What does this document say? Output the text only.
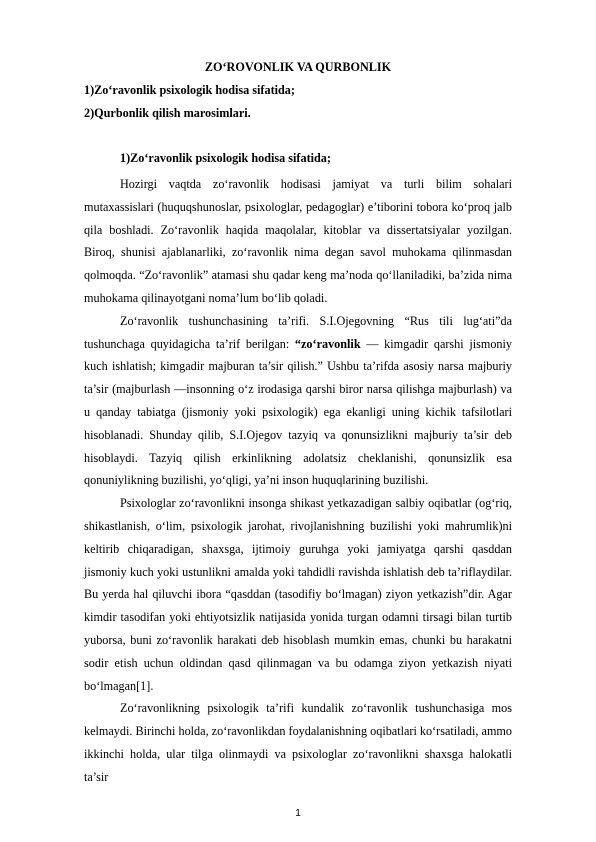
ZO‘ROVONLIK VA QURBONLIK
1)Zo‘ravonlik psixologik hodisa sifatida;
2)Qurbonlik qilish marosimlari.
1)Zo‘ravonlik psixologik hodisa sifatida;

Hozirgi vaqtda zo‘ravonlik hodisasi jamiyat va turli bilim sohalari mutaxassislari (huquqshunoslar, psixologlar, pedagoglar) e’tiborini tobora ko‘proq jalb qila boshladi. Zo‘ravonlik haqida maqolalar, kitoblar va dissertatsiyalar yozilgan. Biroq, shunisi ajablanarliki, zo‘ravonlik nima degan savol muhokama qilinmasdan qolmoqda. “Zo‘ravonlik” atamasi shu qadar keng ma’noda qo‘llaniladiki, ba’zida nima muhokama qilinayotgani noma’lum bo‘lib qoladi.

Zo‘ravonlik tushunchasining ta’rifi. S.I.Ojegovning “Rus tili lug‘ati”da tushunchaga quyidagicha ta’rif berilgan: “zo‘ravonlik — kimgadir qarshi jismoniy kuch ishlatish; kimgadir majburan ta’sir qilish.” Ushbu ta’rifda asosiy narsa majburiy ta’sir (majburlash —insonning o‘z irodasiga qarshi biror narsa qilishga majburlash) va u qanday tabiatga (jismoniy yoki psixologik) ega ekanligi uning kichik tafsilotlari hisoblanadi. Shunday qilib, S.I.Ojegov tazyiq va qonunsizlikni majburiy ta’sir deb hisoblaydi. Tazyiq qilish erkinlikning adolatsiz cheklanishi, qonunsizlik esa qonuniylikning buzilishi, yo‘qligi, ya’ni inson huquqlarining buzilishi.

Psixologlar zo‘ravonlikni insonga shikast yetkazadigan salbiy oqibatlar (og‘riq, shikastlanish, o‘lim, psixologik jarohat, rivojlanishning buzilishi yoki mahrumlik)ni keltirib chiqaradigan, shaxsga, ijtimoiy guruhga yoki jamiyatga qarshi qasddan jismoniy kuch yoki ustunlikni amalda yoki tahdidli ravishda ishlatish deb ta’riflaydilar. Bu yerda hal qiluvchi ibora “qasddan (tasodifiy bo‘lmagan) ziyon yetkazish”dir. Agar kimdir tasodifan yoki ehtiyotsizlik natijasida yonida turgan odamni tirsagi bilan turtib yuborsa, buni zo‘ravonlik harakati deb hisoblash mumkin emas, chunki bu harakatni sodir etish uchun oldindan qasd qilinmagan va bu odamga ziyon yetkazish niyati bo‘lmagan[1].

Zo‘ravonlikning psixologik ta’rifi kundalik zo‘ravonlik tushunchasiga mos kelmaydi. Birinchi holda, zo‘ravonlikdan foydalanishning oqibatlari ko‘rsatiladi, ammo ikkinchi holda, ular tilga olinmaydi va psixologlar zo‘ravonlikni shaxsga halokatli ta’sir

1
